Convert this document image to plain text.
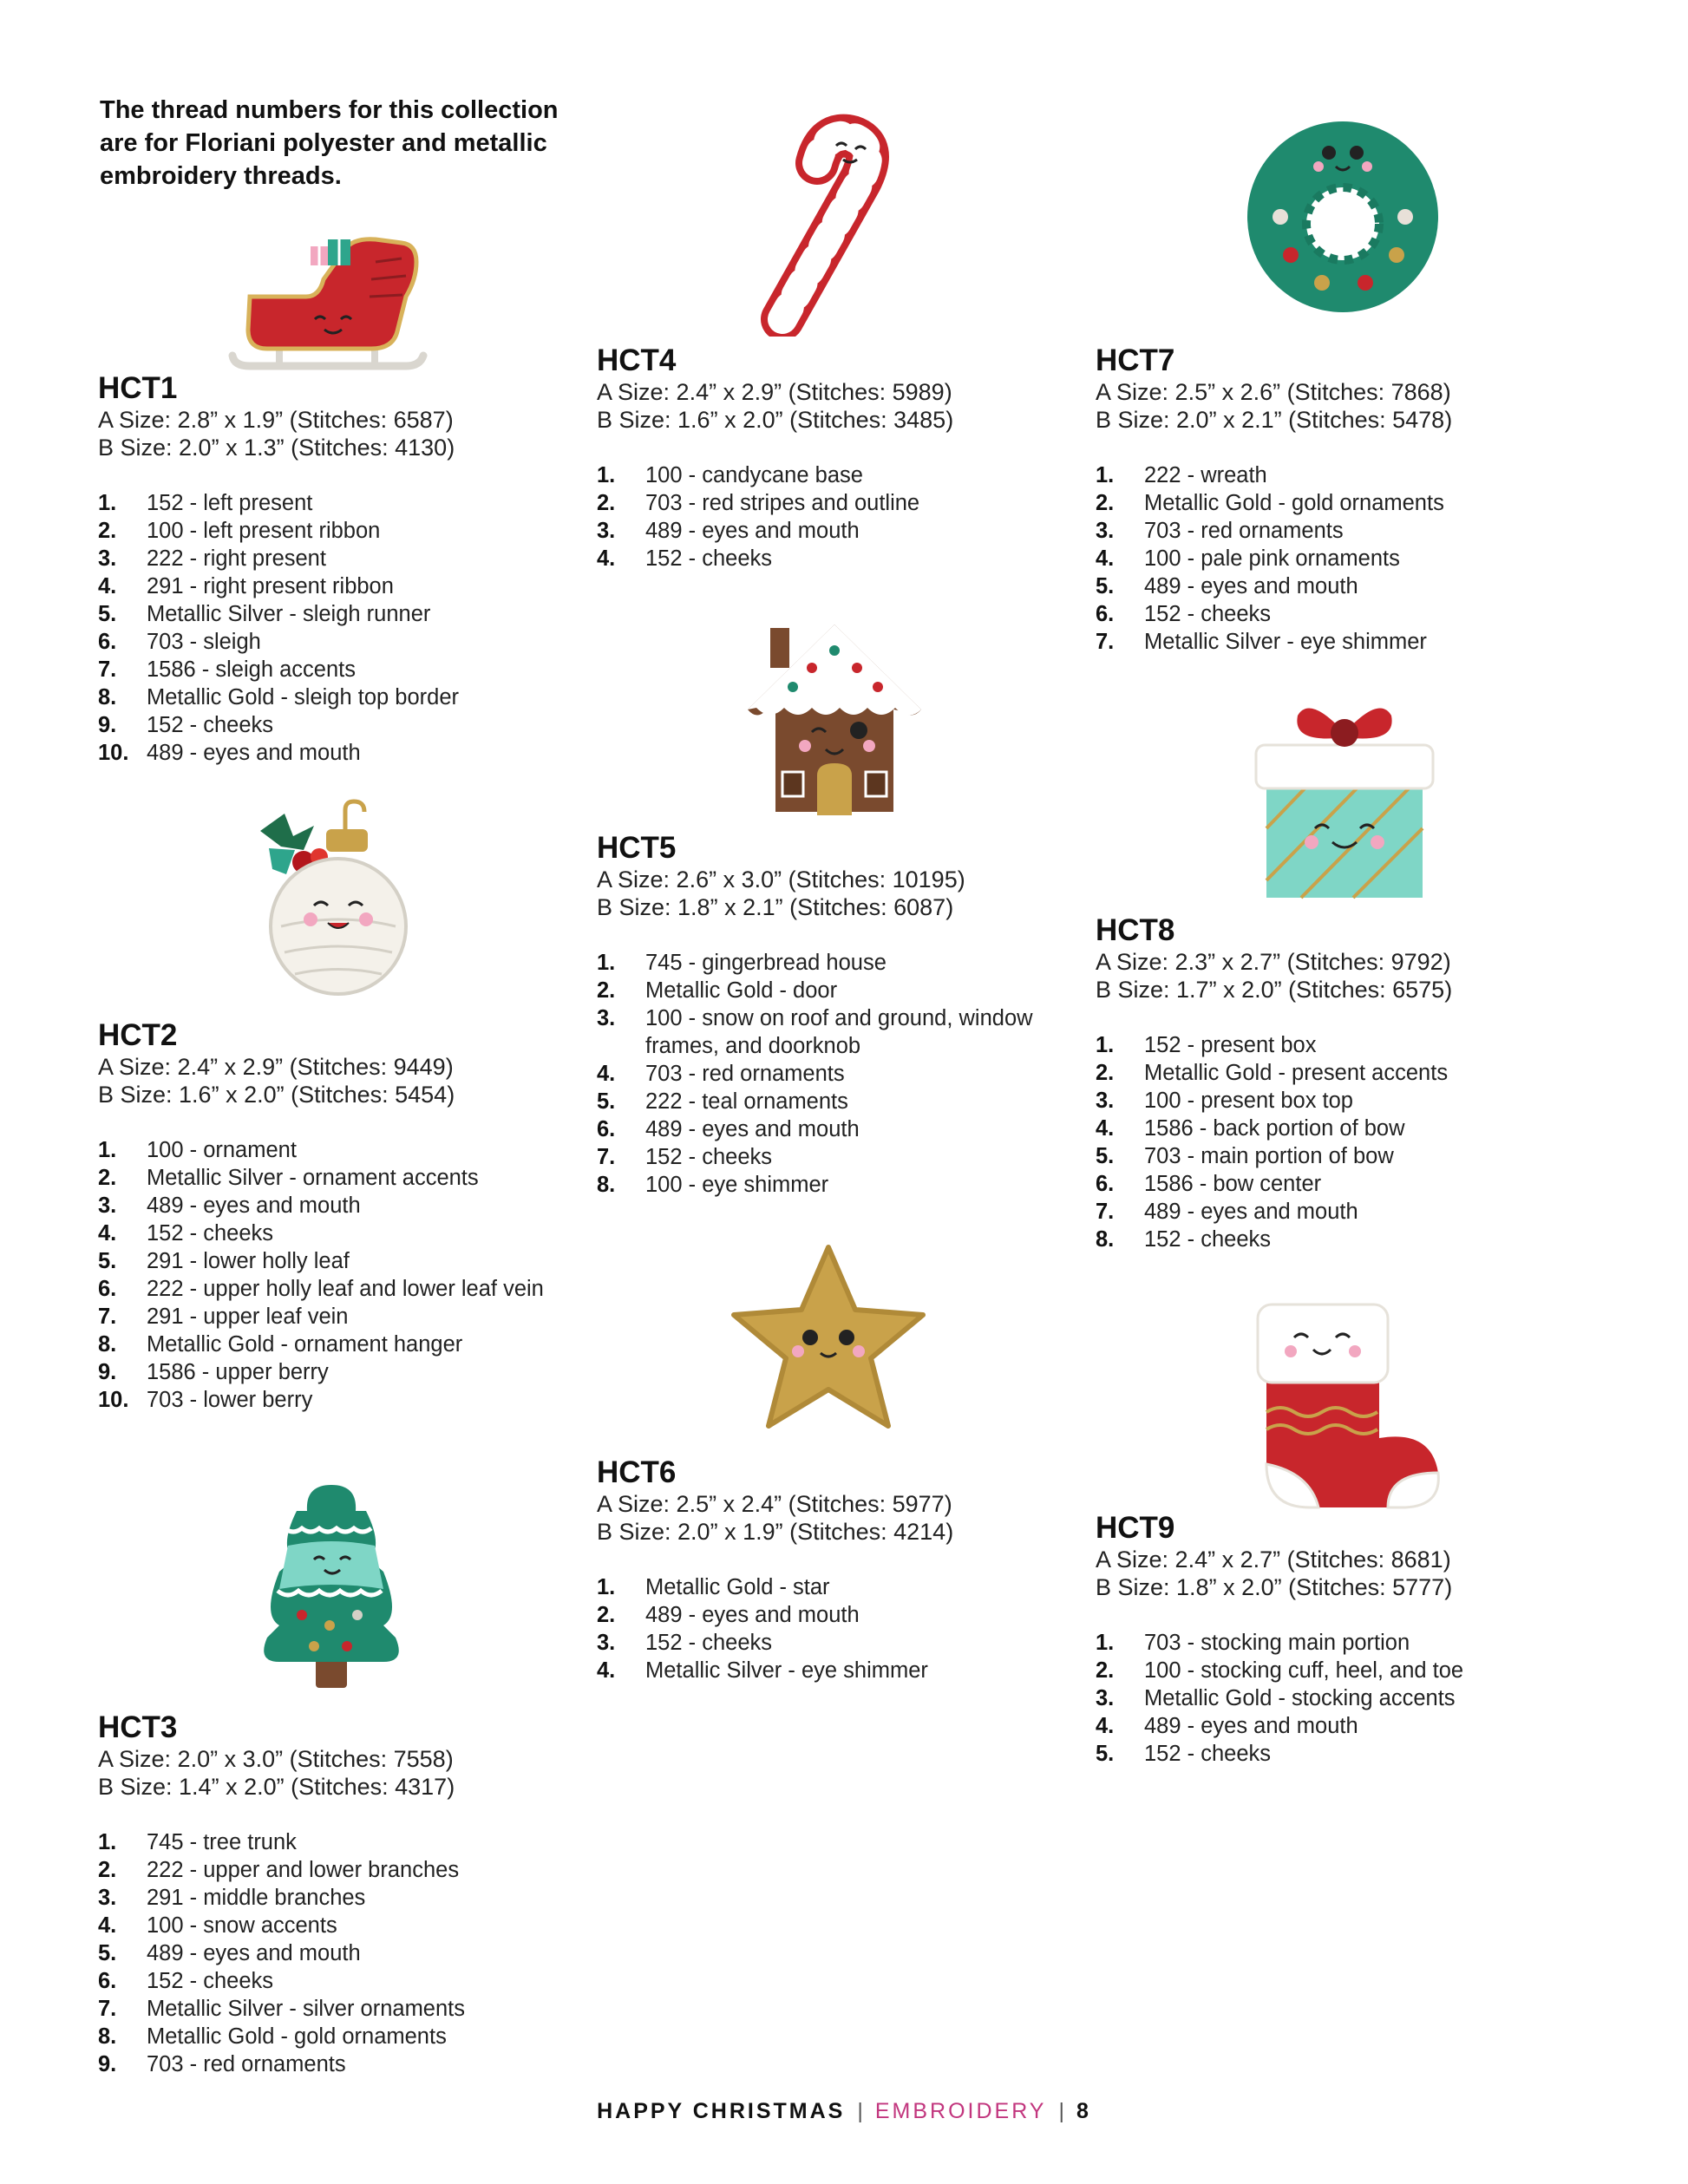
The thread numbers for this collection are for Floriani polyester and metallic embroidery threads.

HCT1

A Size: 2.8” x 1.9” (Stitches: 6587)

B Size: 2.0” x 1.3” (Stitches: 4130)

1.	152 - left present
2.	100 - left present ribbon
3.	222 - right present
4.	291 - right present ribbon
5.	Metallic Silver - sleigh runner
6.	703 - sleigh
7.	1586 - sleigh accents
8.	Metallic Gold - sleigh top border
9.	152 - cheeks
10. 489 - eyes and mouth

HCT2

A Size: 2.4” x 2.9” (Stitches: 9449)

B Size: 1.6” x 2.0” (Stitches: 5454)

1.	100 - ornament
2.	Metallic Silver - ornament accents
3.	489 - eyes and mouth
4.	152 - cheeks
5.	291 - lower holly leaf
6.	222 - upper holly leaf and lower leaf vein
7.	291 - upper leaf vein
8.	Metallic Gold - ornament hanger
9.	1586 - upper berry
10. 703 - lower berry

HCT3

A Size: 2.0” x 3.0” (Stitches: 7558)

B Size: 1.4” x 2.0” (Stitches: 4317)

1.	745 - tree trunk
2.	222 - upper and lower branches
3.	291 - middle branches
4.	100 - snow accents
5.	489 - eyes and mouth
6.	152 - cheeks
7.	Metallic Silver - silver ornaments
8.	Metallic Gold - gold ornaments
9.	703 - red ornaments

HCT4

A Size: 2.4” x 2.9” (Stitches: 5989)

B Size: 1.6” x 2.0” (Stitches: 3485)

1.	100 - candycane base
2.	703 - red stripes and outline
3.	489 - eyes and mouth
4.	152 - cheeks

HCT5

A Size: 2.6” x 3.0” (Stitches: 10195)

B Size: 1.8” x 2.1” (Stitches: 6087)

1.	745 - gingerbread house
2.	Metallic Gold - door
3.	100 - snow on roof and ground, window frames, and doorknob
4.	703 - red ornaments
5.	222 - teal ornaments
6.	489 - eyes and mouth
7.	152 - cheeks
8.	100 - eye shimmer

HCT6

A Size: 2.5” x 2.4” (Stitches: 5977)

B Size: 2.0” x 1.9” (Stitches: 4214)

1.	Metallic Gold - star
2.	489 - eyes and mouth
3.	152 - cheeks
4.	Metallic Silver - eye shimmer

HCT7

A Size: 2.5” x 2.6” (Stitches: 7868)

B Size: 2.0” x 2.1” (Stitches: 5478)

1.	222 - wreath
2.	Metallic Gold - gold ornaments
3.	703 - red ornaments
4.	100 - pale pink ornaments
5.	489 - eyes and mouth
6.	152 - cheeks
7.	Metallic Silver - eye shimmer

HCT8

A Size: 2.3” x 2.7” (Stitches: 9792)

B Size: 1.7” x 2.0” (Stitches: 6575)

1.	152 - present box
2.	Metallic Gold - present accents
3.	100 - present box top
4.	1586 - back portion of bow
5.	703 - main portion of bow
6.	1586 - bow center
7.	489 - eyes and mouth
8.	152 - cheeks

HCT9

A Size: 2.4” x 2.7” (Stitches: 8681)

B Size: 1.8” x 2.0” (Stitches: 5777)

1.	703 - stocking main portion
2.	100 - stocking cuff, heel, and toe
3.	Metallic Gold - stocking accents
4.	489 - eyes and mouth
5.	152 - cheeks
HAPPY CHRISTMAS | EMBROIDERY | 8
